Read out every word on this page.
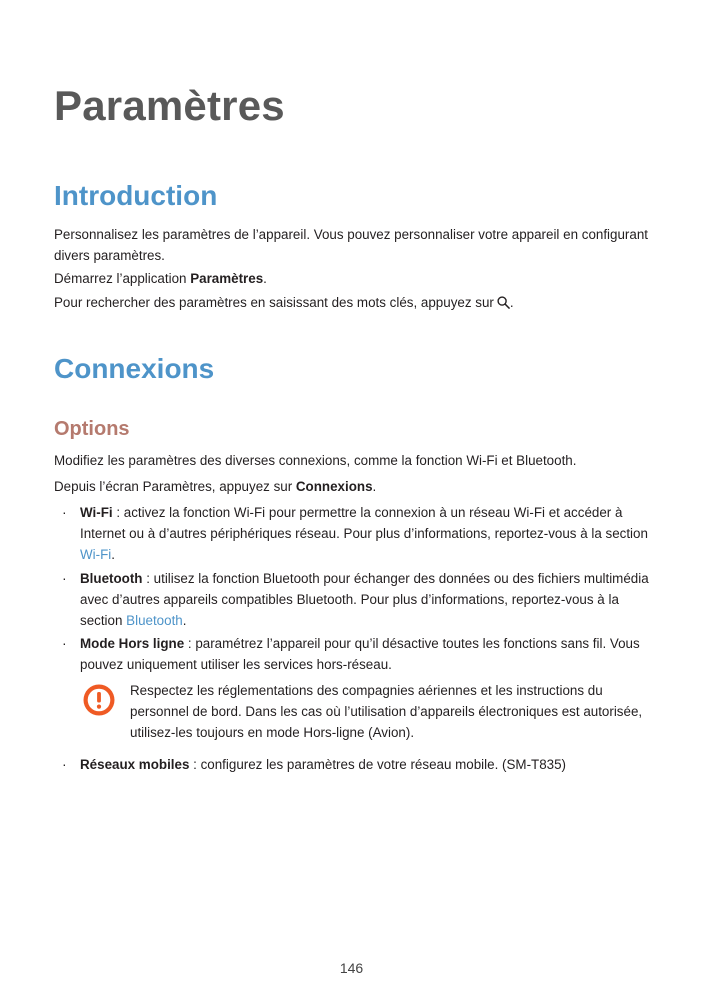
Paramètres
Introduction

Personnalisez les paramètres de l’appareil. Vous pouvez personnaliser votre appareil en configurant divers paramètres.

Démarrez l’application Paramètres.

Pour rechercher des paramètres en saisissant des mots clés, appuyez sur .

Connexions
Options

Modifiez les paramètres des diverses connexions, comme la fonction Wi-Fi et Bluetooth.

Depuis l’écran Paramètres, appuyez sur Connexions.

· Wi-Fi : activez la fonction Wi-Fi pour permettre la connexion à un réseau Wi-Fi et accéder à Internet ou à d’autres périphériques réseau. Pour plus d’informations, reportez-vous à la section Wi-Fi.

· Bluetooth : utilisez la fonction Bluetooth pour échanger des données ou des fichiers multimédia avec d’autres appareils compatibles Bluetooth. Pour plus d’informations, reportez-vous à la section Bluetooth.

· Mode Hors ligne : paramétrez l’appareil pour qu’il désactive toutes les fonctions sans fil. Vous pouvez uniquement utiliser les services hors-réseau.

Respectez les réglementations des compagnies aériennes et les instructions du personnel de bord. Dans les cas où l’utilisation d’appareils électroniques est autorisée, utilisez-les toujours en mode Hors-ligne (Avion).

· Réseaux mobiles : configurez les paramètres de votre réseau mobile. (SM-T835)

146
